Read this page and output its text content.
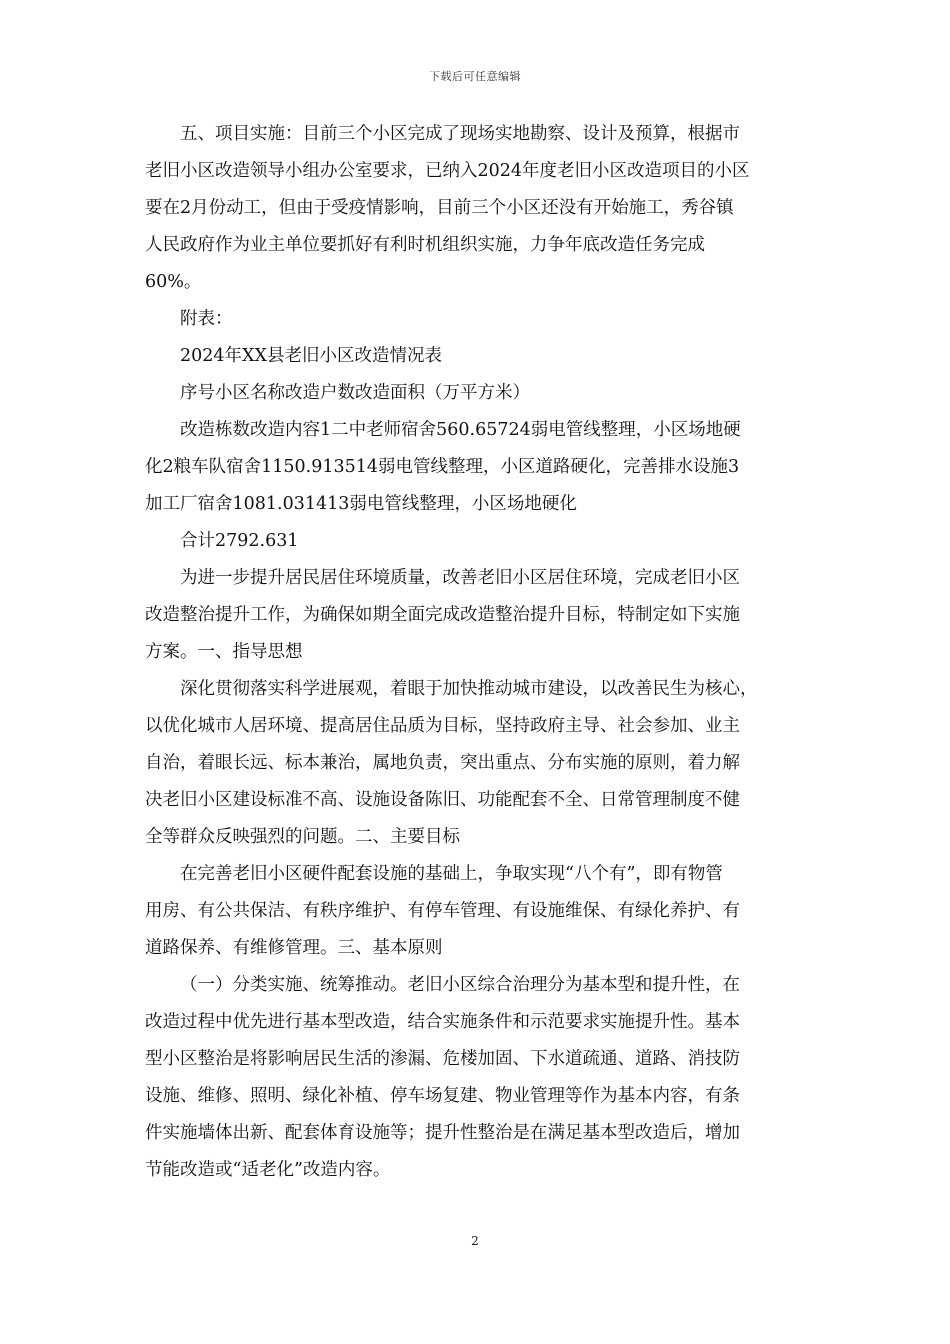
下载后可任意编辑

五、项目实施：目前三个小区完成了现场实地勘察、设计及预算，根据市
老旧小区改造领导小组办公室要求，已纳入2024年度老旧小区改造项目的小区
要在2月份动工，但由于受疫情影响，目前三个小区还没有开始施工，秀谷镇
人民政府作为业主单位要抓好有利时机组织实施，力争年底改造任务完成
60%。

附表：

2024年XX县老旧小区改造情况表

序号小区名称改造户数改造面积（万平方米）

改造栋数改造内容1二中老师宿舍560.65724弱电管线整理，小区场地硬
化2粮车队宿舍1150.913514弱电管线整理，小区道路硬化，完善排水设施3
加工厂宿舍1081.031413弱电管线整理，小区场地硬化

合计2792.631

为进一步提升居民居住环境质量，改善老旧小区居住环境，完成老旧小区
改造整治提升工作，为确保如期全面完成改造整治提升目标，特制定如下实施
方案。一、指导思想

深化贯彻落实科学进展观，着眼于加快推动城市建设，以改善民生为核心，
以优化城市人居环境、提高居住品质为目标，坚持政府主导、社会参加、业主
自治，着眼长远、标本兼治，属地负责，突出重点、分布实施的原则，着力解
决老旧小区建设标准不高、设施设备陈旧、功能配套不全、日常管理制度不健
全等群众反映强烈的问题。二、主要目标

在完善老旧小区硬件配套设施的基础上，争取实现“八个有”，即有物管
用房、有公共保洁、有秩序维护、有停车管理、有设施维保、有绿化养护、有
道路保养、有维修管理。三、基本原则

（一）分类实施、统筹推动。老旧小区综合治理分为基本型和提升性，在
改造过程中优先进行基本型改造，结合实施条件和示范要求实施提升性。基本
型小区整治是将影响居民生活的渗漏、危楼加固、下水道疏通、道路、消技防
设施、维修、照明、绿化补植、停车场复建、物业管理等作为基本内容，有条
件实施墙体出新、配套体育设施等；提升性整治是在满足基本型改造后，增加
节能改造或“适老化”改造内容。

2
